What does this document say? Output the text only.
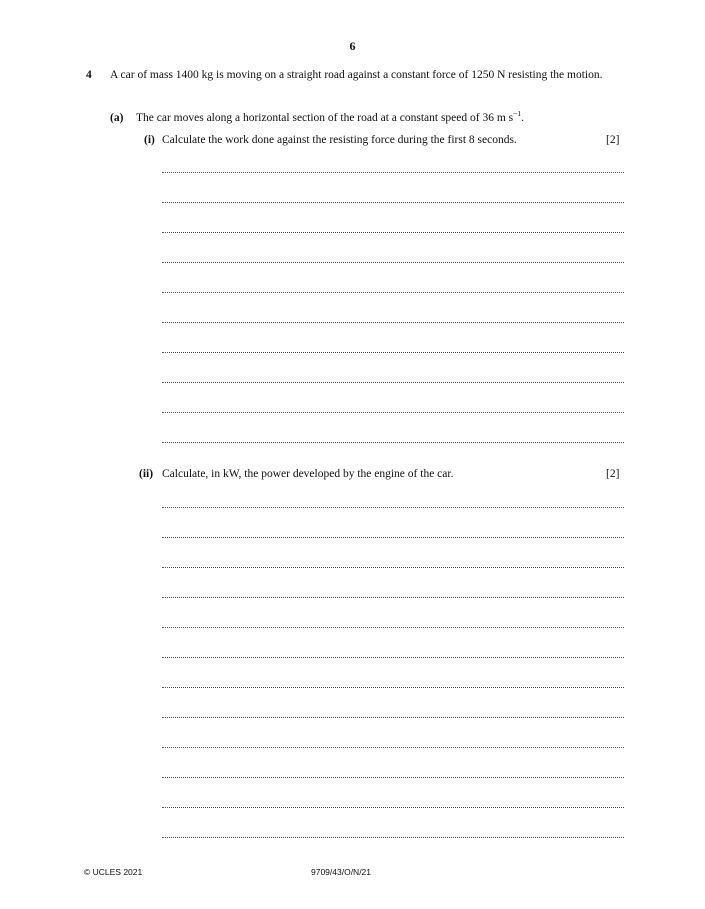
6
4 A car of mass 1400 kg is moving on a straight road against a constant force of 1250 N resisting the motion.
(a) The car moves along a horizontal section of the road at a constant speed of 36 m $s^{-1}$.
(i) Calculate the work done against the resisting force during the first 8 seconds.	[2]
(ii) Calculate, in kW, the power developed by the engine of the car.	[2]
© UCLES 2021	9709/43/O/N/21
